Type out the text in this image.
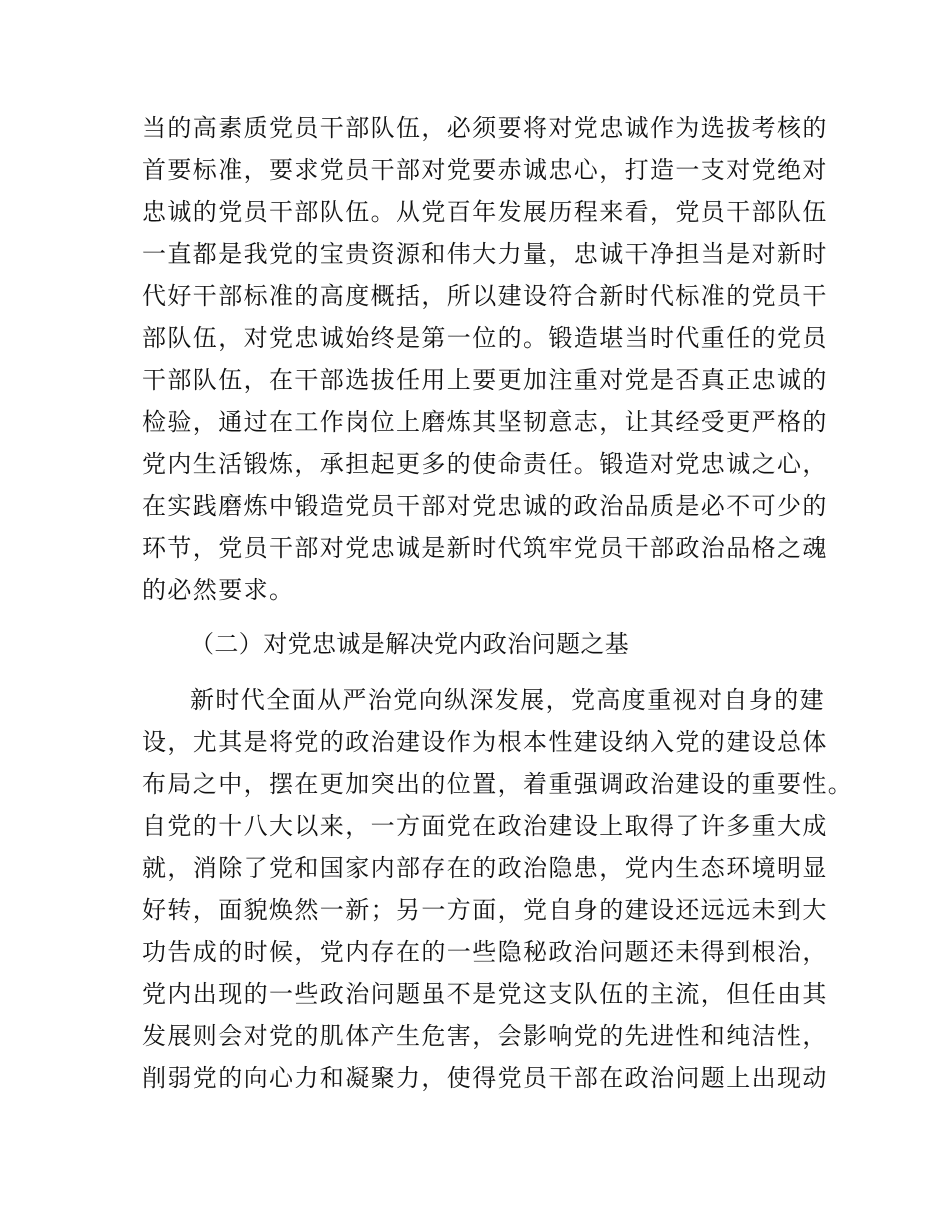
当的高素质党员干部队伍，必须要将对党忠诚作为选拔考核的
首要标准，要求党员干部对党要赤诚忠心，打造一支对党绝对
忠诚的党员干部队伍。从党百年发展历程来看，党员干部队伍
一直都是我党的宝贵资源和伟大力量，忠诚干净担当是对新时
代好干部标准的高度概括，所以建设符合新时代标准的党员干
部队伍，对党忠诚始终是第一位的。锻造堪当时代重任的党员
干部队伍，在干部选拔任用上要更加注重对党是否真正忠诚的
检验，通过在工作岗位上磨炼其坚韧意志，让其经受更严格的
党内生活锻炼，承担起更多的使命责任。锻造对党忠诚之心，
在实践磨炼中锻造党员干部对党忠诚的政治品质是必不可少的
环节，党员干部对党忠诚是新时代筑牢党员干部政治品格之魂
的必然要求。
（二）对党忠诚是解决党内政治问题之基
新时代全面从严治党向纵深发展，党高度重视对自身的建
设，尤其是将党的政治建设作为根本性建设纳入党的建设总体
布局之中，摆在更加突出的位置，着重强调政治建设的重要性。
自党的十八大以来，一方面党在政治建设上取得了许多重大成
就，消除了党和国家内部存在的政治隐患，党内生态环境明显
好转，面貌焕然一新；另一方面，党自身的建设还远远未到大
功告成的时候，党内存在的一些隐秘政治问题还未得到根治，
党内出现的一些政治问题虽不是党这支队伍的主流，但任由其
发展则会对党的肌体产生危害，会影响党的先进性和纯洁性，
削弱党的向心力和凝聚力，使得党员干部在政治问题上出现动
